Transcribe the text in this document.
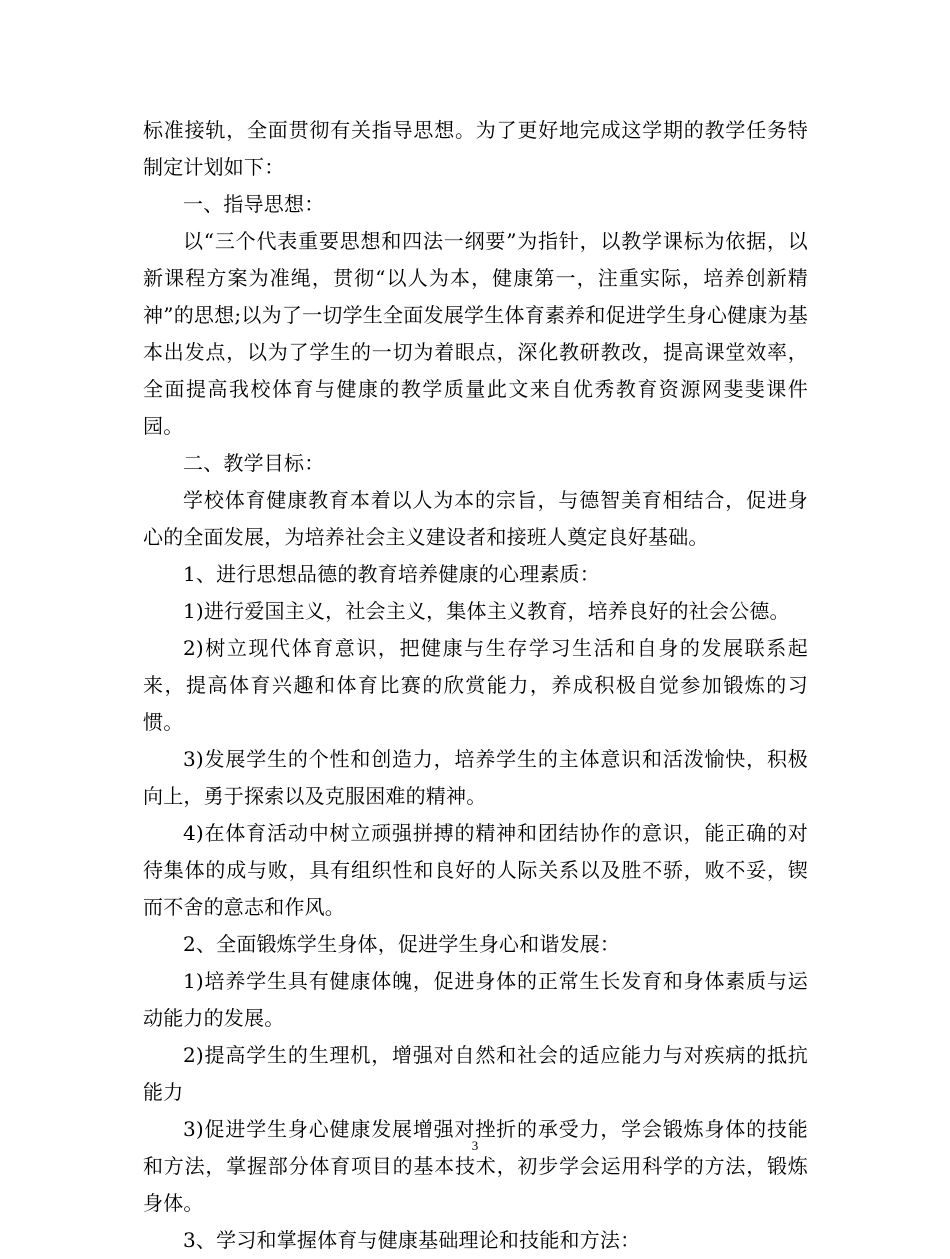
标准接轨，全面贯彻有关指导思想。为了更好地完成这学期的教学任务特制定计划如下：

一、指导思想：

以“三个代表重要思想和四法一纲要”为指针，以教学课标为依据，以新课程方案为准绳，贯彻“以人为本，健康第一，注重实际，培养创新精神”的思想;以为了一切学生全面发展学生体育素养和促进学生身心健康为基本出发点，以为了学生的一切为着眼点，深化教研教改，提高课堂效率，全面提高我校体育与健康的教学质量此文来自优秀教育资源网斐斐课件园。

二、教学目标：

学校体育健康教育本着以人为本的宗旨，与德智美育相结合，促进身心的全面发展，为培养社会主义建设者和接班人奠定良好基础。

1、进行思想品德的教育培养健康的心理素质：

1)进行爱国主义，社会主义，集体主义教育，培养良好的社会公德。

2)树立现代体育意识，把健康与生存学习生活和自身的发展联系起来，提高体育兴趣和体育比赛的欣赏能力，养成积极自觉参加锻炼的习惯。

3)发展学生的个性和创造力，培养学生的主体意识和活泼愉快，积极向上，勇于探索以及克服困难的精神。

4)在体育活动中树立顽强拼搏的精神和团结协作的意识，能正确的对待集体的成与败，具有组织性和良好的人际关系以及胜不骄，败不妥，锲而不舍的意志和作风。

2、全面锻炼学生身体，促进学生身心和谐发展：

1)培养学生具有健康体魄，促进身体的正常生长发育和身体素质与运动能力的发展。

2)提高学生的生理机，增强对自然和社会的适应能力与对疾病的抵抗能力

3)促进学生身心健康发展增强对挫折的承受力，学会锻炼身体的技能和方法，掌握部分体育项目的基本技术，初步学会运用科学的方法，锻炼身体。

3、学习和掌握体育与健康基础理论和技能和方法：

3
